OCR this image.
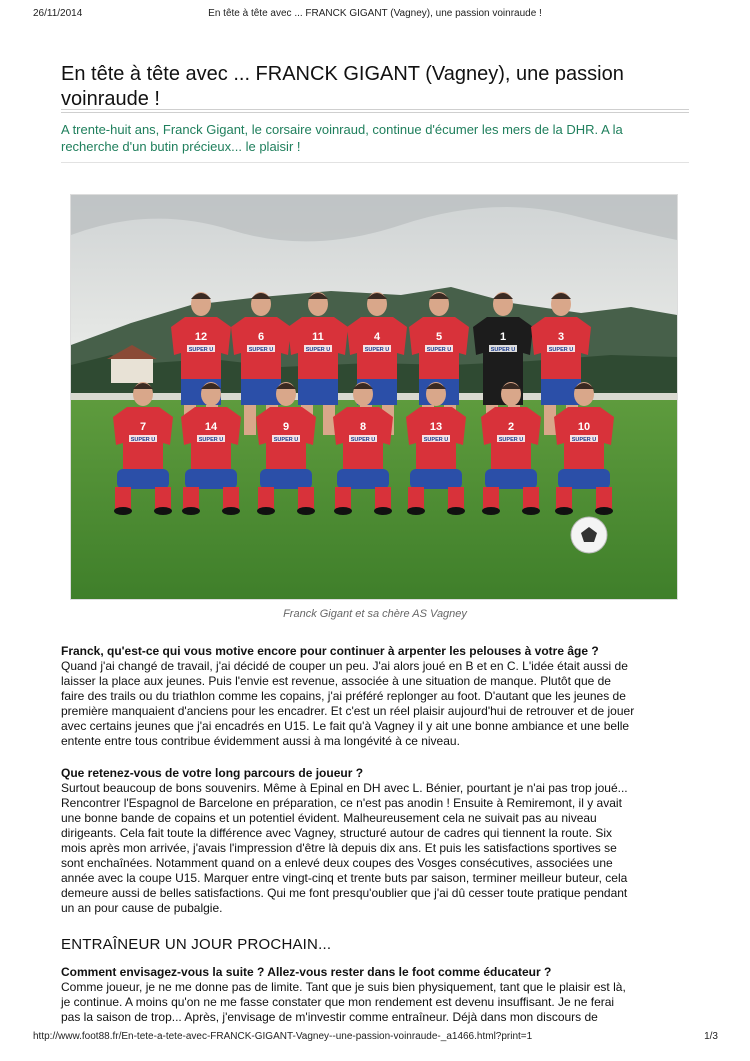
26/11/2014	En tête à tête avec ... FRANCK GIGANT (Vagney), une passion voinraude !
En tête à tête avec ... FRANCK GIGANT (Vagney), une passion
voinraude !

A trente-huit ans, Franck Gigant, le corsaire voinraud, continue d'écumer les mers de la DHR. A la
recherche d'un butin précieux... le plaisir !

SUPER U
12
SUPER U
6
SUPER U
11
SUPER U
4
SUPER U
5
SUPER U
1
SUPER U
3
SUPER U
7
SUPER U
14
SUPER U
9
SUPER U
8
SUPER U
13
SUPER U
2
SUPER U
10
Franck Gigant et sa chère AS Vagney

Franck, qu'est-ce qui vous motive encore pour continuer à arpenter les pelouses à votre âge ?

Quand j'ai changé de travail, j'ai décidé de couper un peu. J'ai alors joué en B et en C. L'idée était aussi de
laisser la place aux jeunes. Puis l'envie est revenue, associée à une situation de manque. Plutôt que de
faire des trails ou du triathlon comme les copains, j'ai préféré replonger au foot. D'autant que les jeunes de
première manquaient d'anciens pour les encadrer. Et c'est un réel plaisir aujourd'hui de retrouver et de jouer
avec certains jeunes que j'ai encadrés en U15. Le fait qu'à Vagney il y ait une bonne ambiance et une belle
entente entre tous contribue évidemment aussi à ma longévité à ce niveau.

Que retenez-vous de votre long parcours de joueur ?

Surtout beaucoup de bons souvenirs. Même à Epinal en DH avec L. Bénier, pourtant je n'ai pas trop joué...
Rencontrer l'Espagnol de Barcelone en préparation, ce n'est pas anodin ! Ensuite à Remiremont, il y avait
une bonne bande de copains et un potentiel évident. Malheureusement cela ne suivait pas au niveau
dirigeants. Cela fait toute la différence avec Vagney, structuré autour de cadres qui tiennent la route. Six
mois après mon arrivée, j'avais l'impression d'être là depuis dix ans. Et puis les satisfactions sportives se
sont enchaînées. Notamment quand on a enlevé deux coupes des Vosges consécutives, associées une
année avec la coupe U15. Marquer entre vingt-cinq et trente buts par saison, terminer meilleur buteur, cela
demeure aussi de belles satisfactions. Qui me font presqu'oublier que j'ai dû cesser toute pratique pendant
un an pour cause de pubalgie.

ENTRAÎNEUR UN JOUR PROCHAIN...

Comment envisagez-vous la suite ? Allez-vous rester dans le foot comme éducateur ?

Comme joueur, je ne me donne pas de limite. Tant que je suis bien physiquement, tant que le plaisir est là,
je continue. A moins qu'on ne me fasse constater que mon rendement est devenu insuffisant. Je ne ferai
pas la saison de trop... Après, j'envisage de m'investir comme entraîneur. Déjà dans mon discours de

http://www.foot88.fr/En-tete-a-tete-avec-FRANCK-GIGANT-Vagney--une-passion-voinraude-_a1466.html?print=1	1/3
